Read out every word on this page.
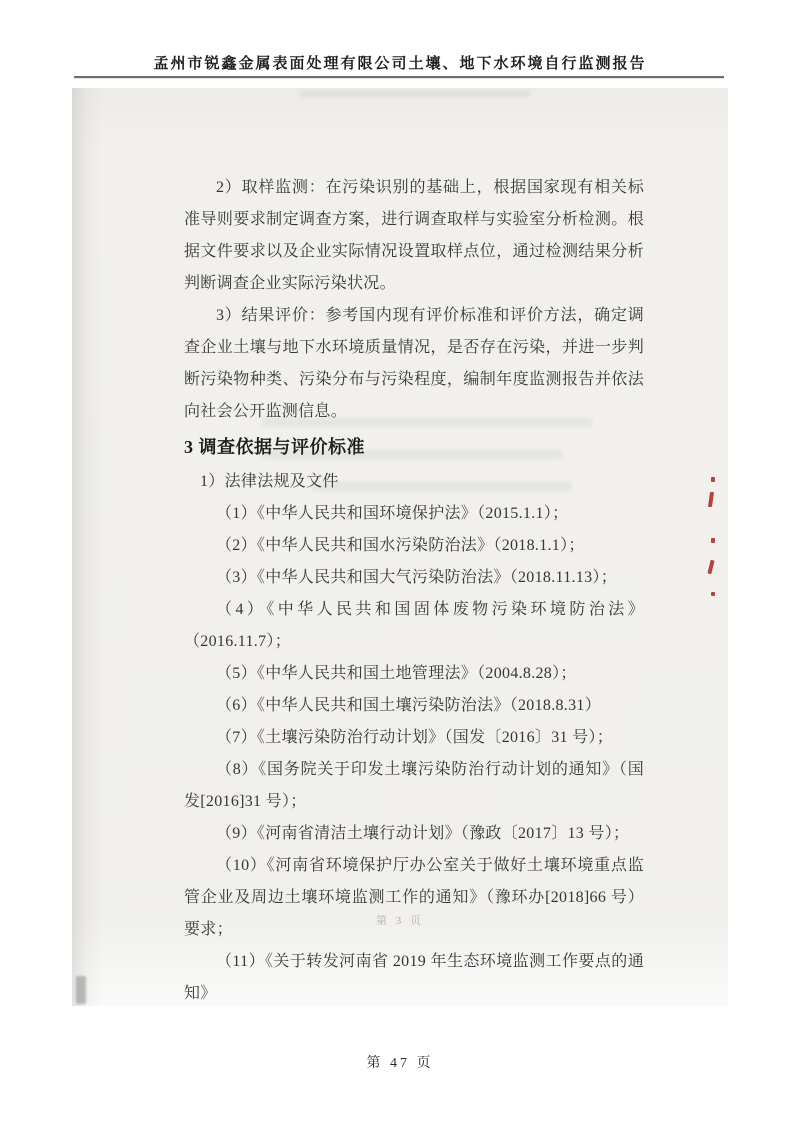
孟州市锐鑫金属表面处理有限公司土壤、地下水环境自行监测报告

2）取样监测：在污染识别的基础上，根据国家现有相关标准导则要求制定调查方案，进行调查取样与实验室分析检测。根据文件要求以及企业实际情况设置取样点位，通过检测结果分析判断调查企业实际污染状况。

3）结果评价：参考国内现有评价标准和评价方法，确定调查企业土壤与地下水环境质量情况，是否存在污染，并进一步判断污染物种类、污染分布与污染程度，编制年度监测报告并依法向社会公开监测信息。

3 调查依据与评价标准

1）法律法规及文件

（1）《中华人民共和国环境保护法》（2015.1.1）；

（2）《中华人民共和国水污染防治法》（2018.1.1）；

（3）《中华人民共和国大气污染防治法》（2018.11.13）；

（4）《中华人民共和国固体废物污染环境防治法》（2016.11.7）；

（5）《中华人民共和国土地管理法》（2004.8.28）；

（6）《中华人民共和国土壤污染防治法》（2018.8.31）

（7）《土壤污染防治行动计划》（国发〔2016〕31 号）；

（8）《国务院关于印发土壤污染防治行动计划的通知》（国发[2016]31 号）；

（9）《河南省清洁土壤行动计划》（豫政〔2017〕13 号）；

（10）《河南省环境保护厅办公室关于做好土壤环境重点监管企业及周边土壤环境监测工作的通知》（豫环办[2018]66 号）要求；

（11）《关于转发河南省 2019 年生态环境监测工作要点的通知》

第 3 页
第 47 页
